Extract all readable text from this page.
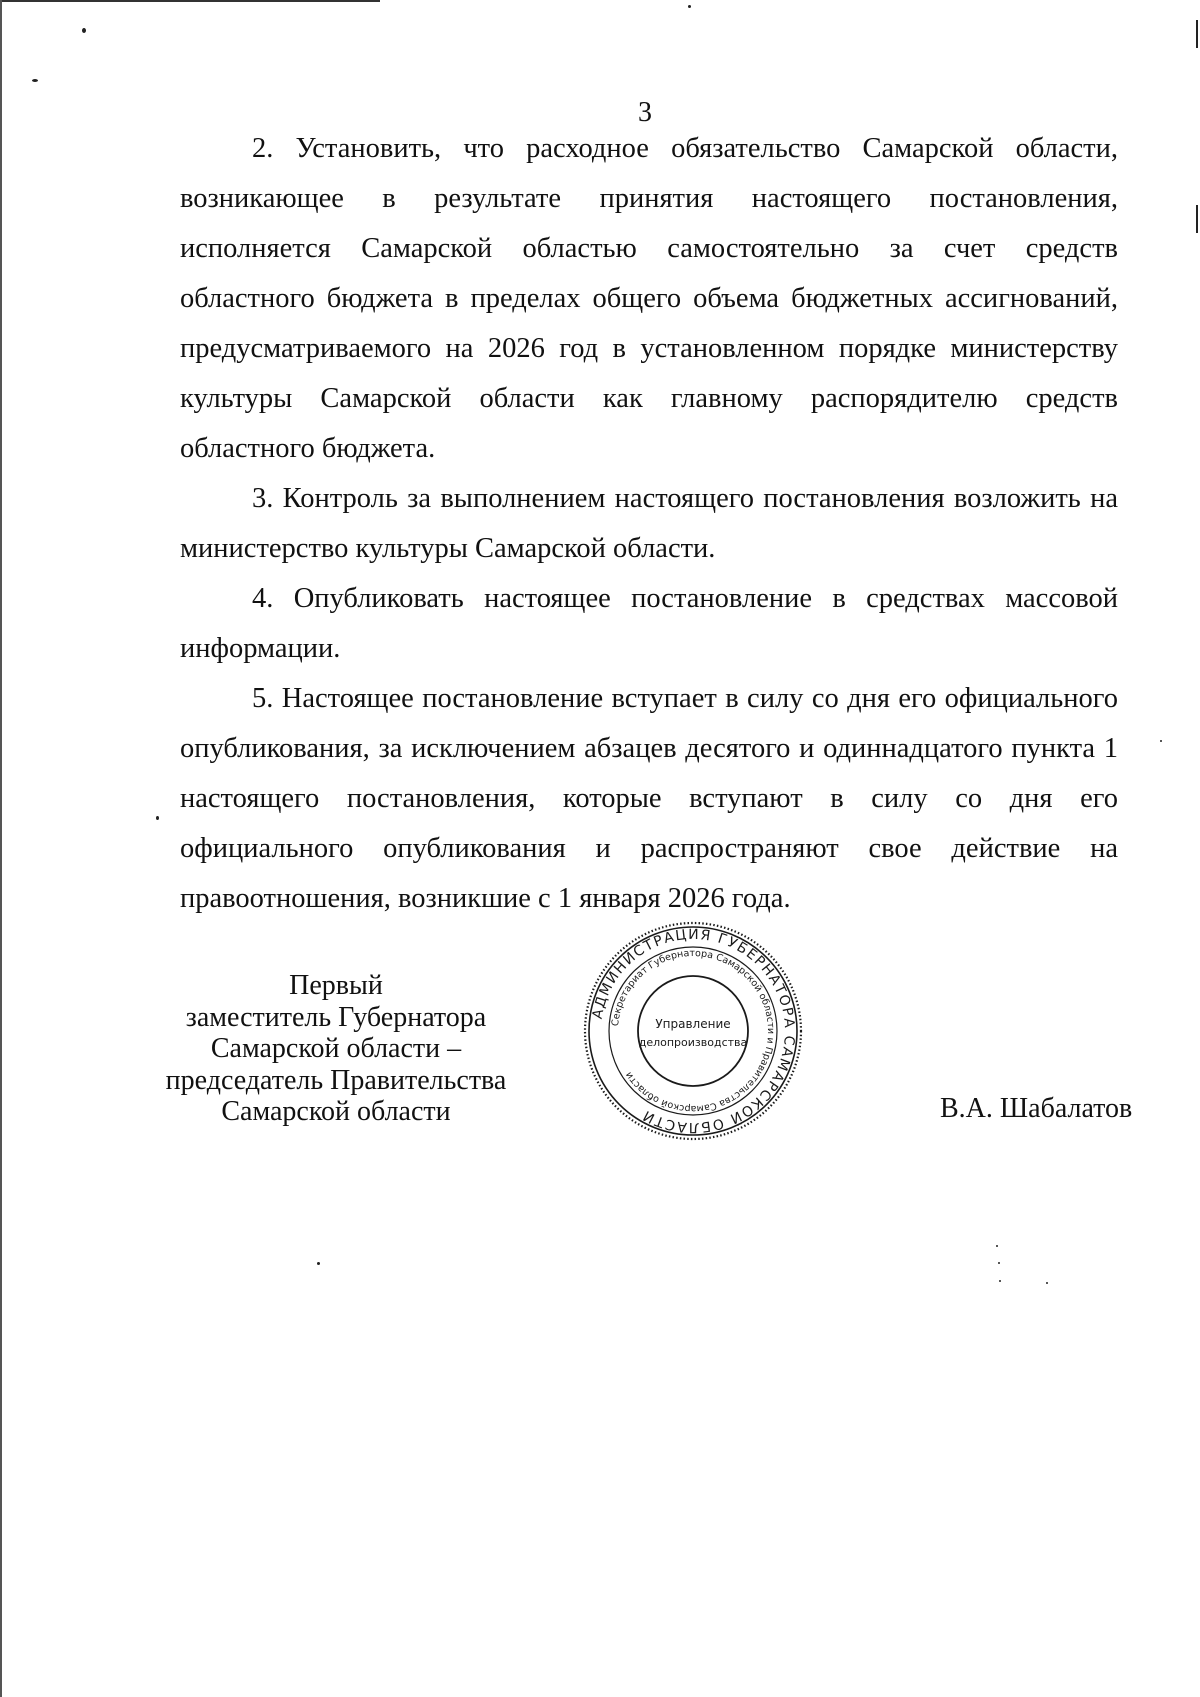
3

2. Установить, что расходное обязательство Самарской области, возникающее в результате принятия настоящего постановления, исполняется Самарской областью самостоятельно за счет средств областного бюджета в пределах общего объема бюджетных ассигнований, предусматриваемого на 2026 год в установленном порядке министерству культуры Самарской области как главному распорядителю средств областного бюджета.

3. Контроль за выполнением настоящего постановления возложить на министерство культуры Самарской области.

4. Опубликовать настоящее постановление в средствах массовой информации.

5. Настоящее постановление вступает в силу со дня его официального опубликования, за исключением абзацев десятого и одиннадцатого пункта 1 настоящего постановления, которые вступают в силу со дня его официального опубликования и распространяют свое действие на правоотношения, возникшие с 1 января 2026 года.

Первый
заместитель Губернатора
Самарской области –
председатель Правительства
Самарской области
АДМИНИСТРАЦИЯ ГУБЕРНАТОРА САМАРСКОЙ ОБЛАСТИ
Секретариат Губернатора Самарской области и Правительства Самарской области
Управление
делопроизводства
В.А. Шабалатов
